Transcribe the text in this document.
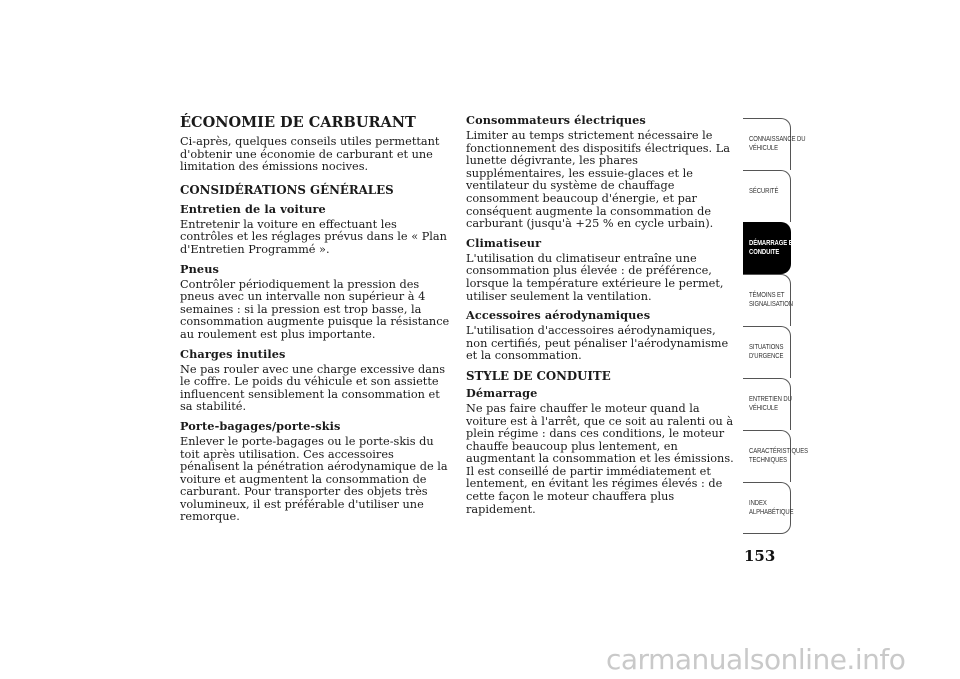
ÉCONOMIE DE CARBURANT
Ci-après, quelques conseils utiles permettant d'obtenir une économie de carburant et une limitation des émissions nocives.
CONSIDÉRATIONS GÉNÉRALES
Entretien de la voiture
Entretenir la voiture en effectuant les contrôles et les réglages prévus dans le « Plan d'Entretien Programmé ».
Pneus
Contrôler périodiquement la pression des pneus avec un intervalle non supérieur à 4 semaines : si la pression est trop basse, la consommation augmente puisque la résistance au roulement est plus importante.
Charges inutiles
Ne pas rouler avec une charge excessive dans le coffre. Le poids du véhicule et son assiette influencent sensiblement la consommation et sa stabilité.
Porte-bagages/porte-skis
Enlever le porte-bagages ou le porte-skis du toit après utilisation. Ces accessoires pénalisent la pénétration aérodynamique de la voiture et augmentent la consommation de carburant. Pour transporter des objets très volumineux, il est préférable d'utiliser une remorque.
Consommateurs électriques
Limiter au temps strictement nécessaire le fonctionnement des dispositifs électriques. La lunette dégivrante, les phares supplémentaires, les essuie-glaces et le ventilateur du système de chauffage consomment beaucoup d'énergie, et par conséquent augmente la consommation de carburant (jusqu'à +25 % en cycle urbain).
Climatiseur
L'utilisation du climatiseur entraîne une consommation plus élevée : de préférence, lorsque la température extérieure le permet, utiliser seulement la ventilation.
Accessoires aérodynamiques
L'utilisation d'accessoires aérodynamiques, non certifiés, peut pénaliser l'aérodynamisme et la consommation.
STYLE DE CONDUITE
Démarrage
Ne pas faire chauffer le moteur quand la voiture est à l'arrêt, que ce soit au ralenti ou à plein régime : dans ces conditions, le moteur chauffe beaucoup plus lentement, en augmentant la consommation et les émissions. Il est conseillé de partir immédiatement et lentement, en évitant les régimes élevés : de cette façon le moteur chauffera plus rapidement.
CONNAISSANCE DU
VÉHICULE
SÉCURITÉ
DÉMARRAGE ET
CONDUITE
TÉMOINS ET
SIGNALISATION
SITUATIONS
D'URGENCE
ENTRETIEN DU
VÉHICULE
CARACTÉRISTIQUES
TECHNIQUES
INDEX
ALPHABÉTIQUE
153
carmanualsonline.info
